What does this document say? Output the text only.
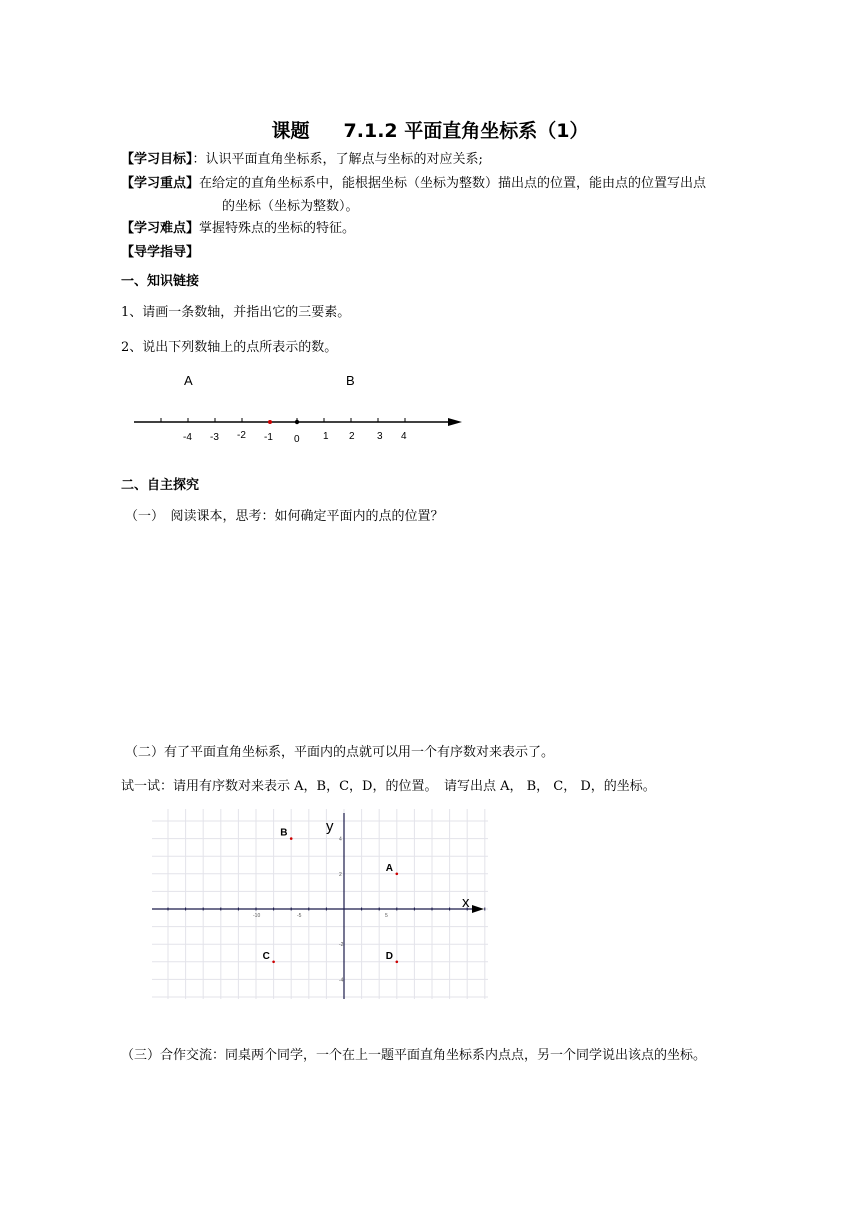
课题 7.1.2 平面直角坐标系（1）
【学习目标】：认识平面直角坐标系，了解点与坐标的对应关系;
【学习重点】在给定的直角坐标系中，能根据坐标（坐标为整数）描出点的位置，能由点的位置写出点
的坐标（坐标为整数）。
【学习难点】掌握特殊点的坐标的特征。
【导学指导】
一、知识链接
1、请画一条数轴，并指出它的三要素。
2、说出下列数轴上的点所表示的数。
A	B
-4 -3 -2 -1 0 1 2 3 4
二、自主探究
（一）　阅读课本，思考：如何确定平面内的点的位置？
（二）有了平面直角坐标系，平面内的点就可以用一个有序数对来表示了。
试一试：请用有序数对来表示 A，B，C，D，的位置。　请写出点 A， B， C， D，的坐标。
x
y
-10	-5	5
4
2
-2
-4
B
A
C	D
（三）合作交流：同桌两个同学，一个在上一题平面直角坐标系内点点，另一个同学说出该点的坐标。
